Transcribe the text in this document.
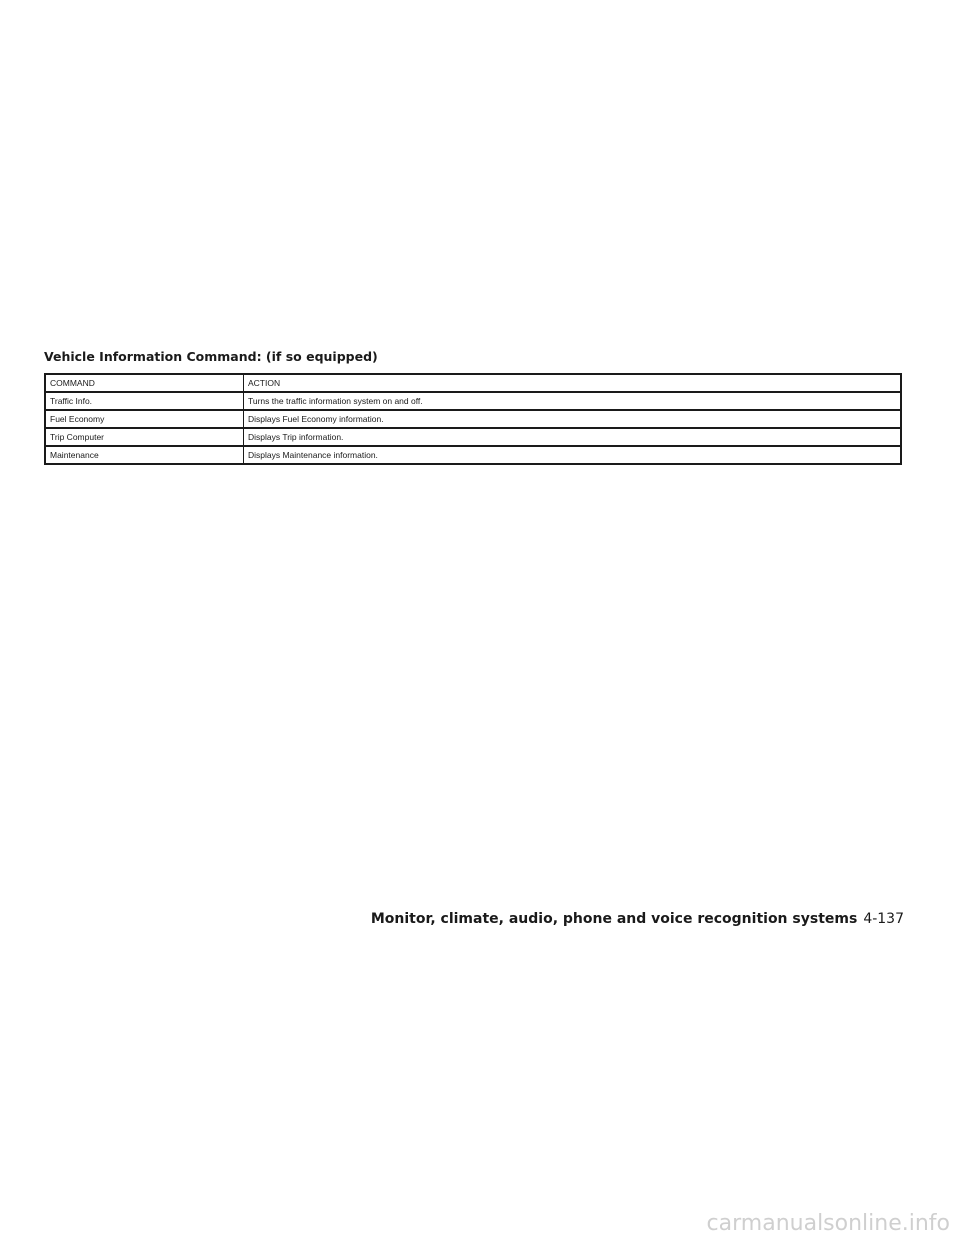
Vehicle Information Command: (if so equipped)
COMMAND	ACTION
Traffic Info.	Turns the traffic information system on and off.
Fuel Economy	Displays Fuel Economy information.
Trip Computer	Displays Trip information.
Maintenance	Displays Maintenance information.
Monitor, climate, audio, phone and voice recognition systems 4-137
carmanualsonline.info
